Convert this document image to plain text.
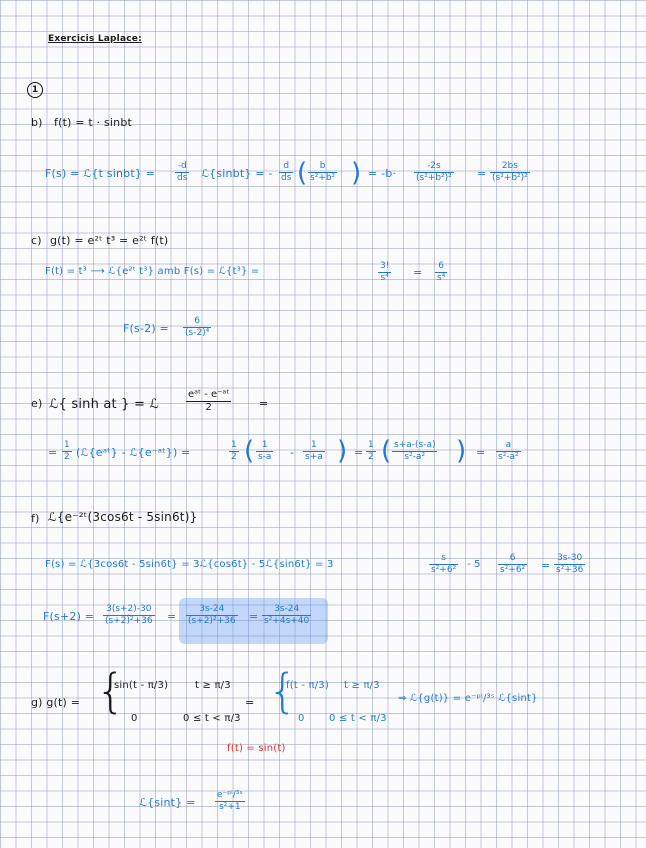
Exercicis Laplace:
1
b) f(t) = t · sinbt
F(s) = ℒ{t sinbt} =
-d
ds ℒ{sinbt} = -
d
ds ( b
s²+b² ) = -b·
-2s
(s²+b²)² =
2bs
(s²+b²)²
c) g(t) = e²ᵗ t³ = e²ᵗ f(t)
F(t) = t³ ⟶ ℒ{e²ᵗ t³} amb F(s) = ℒ{t³} =	3!
s⁴ = 6
s⁴
F(s-2) =
6
(s-2)⁴
e) ℒ{ sinh at } = ℒ
eᵃᵗ - e⁻ᵃᵗ
2	=
=
1
2 (ℒ{eᵃᵗ} - ℒ{e⁻ᵃᵗ}) =
1
2 ( 1
s-a -
1
s+a ) =
1
2 ( s+a-(s-a)
s²-a² ) =
a
s²-a²
f) ℒ{e⁻²ᵗ(3cos6t - 5sin6t)}
F(s) = ℒ{3cos6t - 5sin6t} = 3ℒ{cos6t} - 5ℒ{sin6t} = 3
s
s²+6² - 5
6
s²+6² =
3s-30
s²+36
F(s+2) =
3(s+2)-30
(s+2)²+36 =
3s-24
(s+2)²+36 =
3s-24
s²+4s+40
g) g(t) = {
sin(t - π/3)	t ≥ π/3
0	0 ≤ t < π/3
= {
f(t - π/3) t ≥ π/3
0 0 ≤ t < π/3
⇒ ℒ{g(t)} = e⁻ᵖⁱ/³ˢ ℒ{sint}
f(t) = sin(t)
ℒ{sint} =
e⁻ᵖⁱ/³ˢ
s²+1
